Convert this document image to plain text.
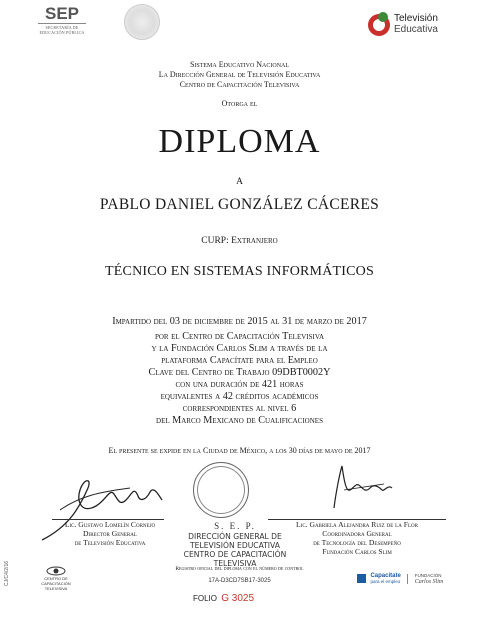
SEP
SECRETARÍA DE
EDUCACIÓN PÚBLICA
Televisión
Educativa
Sistema Educativo Nacional
La Dirección General de Televisión Educativa
Centro de Capacitación Televisiva
Otorga el
DIPLOMA
A
PABLO DANIEL GONZÁLEZ CÁCERES
CURP: Extranjero
TÉCNICO EN SISTEMAS INFORMÁTICOS
Impartido del 03 de diciembre de 2015 al 31 de marzo de 2017
por el Centro de Capacitación Televisiva
y la Fundación Carlos Slim a través de la
plataforma Capacítate para el Empleo
Clave del Centro de Trabajo 09DBT0002Y
con una duración de 421 horas
equivalentes a 42 créditos académicos
correspondientes al nivel 6
del Marco Mexicano de Cualificaciones
El presente se expide en la Ciudad de México, a los 30 días de mayo de 2017
Lic. Gustavo Lomelín Cornejo
Director General
de Televisión Educativa
Lic. Gabriela Alejandra Ruiz de la Flor
Coordinadora General
de Tecnología del Desempeño
Fundación Carlos Slim
S. E. P.
DIRECCIÓN GENERAL DE
TELEVISIÓN EDUCATIVA
CENTRO DE CAPACITACIÓN
TELEVISIVA
Registro oficial del diploma con el número de control
17A-D3CD7SB17-3025
FOLIO G 3025
CJ/C4/2/16	CENTRO DE CAPACITACIÓN
TELEVISIVA
Capacítate
para el empleo  FUNDACIÓN
Carlos Slim
